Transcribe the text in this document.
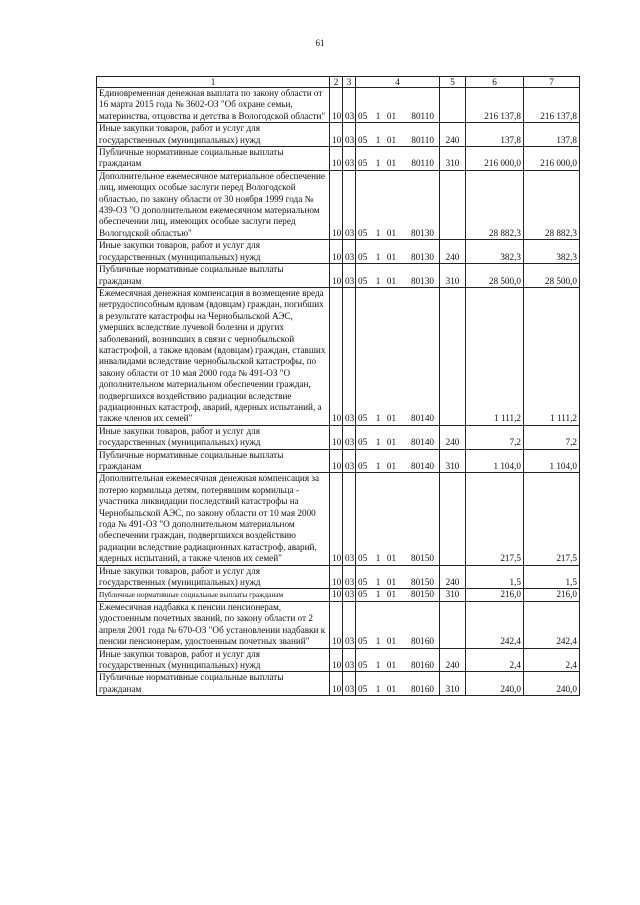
61
1	2	3	4	5	6	7
Единовременная денежная выплата по закону области от 16 марта 2015 года № 3602-ОЗ "Об охране семьи, материнства, отцовства и детства в Вологодской области"	10	03	05 1 01 80110		216 137,8	216 137,8
Иные закупки товаров, работ и услуг для государственных (муниципальных) нужд	10	03	05 1 01 80110	240	137,8	137,8
Публичные нормативные социальные выплаты гражданам	10	03	05 1 01 80110	310	216 000,0	216 000,0
Дополнительное ежемесячное материальное обеспечение лиц, имеющих особые заслуги перед Вологодской областью, по закону области от 30 ноября 1999 года № 439-ОЗ "О дополнительном ежемесячном материальном обеспечении лиц, имеющих особые заслуги перед Вологодской областью"	10	03	05 1 01 80130		28 882,3	28 882,3
Иные закупки товаров, работ и услуг для государственных (муниципальных) нужд	10	03	05 1 01 80130	240	382,3	382,3
Публичные нормативные социальные выплаты гражданам	10	03	05 1 01 80130	310	28 500,0	28 500,0
Ежемесячная денежная компенсация в возмещение вреда нетрудоспособным вдовам (вдовцам) граждан, погибших в результате катастрофы на Чернобыльской АЭС, умерших вследствие лучевой болезни и других заболеваний, возникших в связи с чернобыльской катастрофой, а также вдовам (вдовцам) граждан, ставших инвалидами вследствие чернобыльской катастрофы, по закону области от 10 мая 2000 года № 491-ОЗ "О дополнительном материальном обеспечении граждан, подвергшихся воздействию радиации вследствие радиационных катастроф, аварий, ядерных испытаний, а также членов их семей"	10	03	05 1 01 80140		1 111,2	1 111,2
Иные закупки товаров, работ и услуг для государственных (муниципальных) нужд	10	03	05 1 01 80140	240	7,2	7,2
Публичные нормативные социальные выплаты гражданам	10	03	05 1 01 80140	310	1 104,0	1 104,0
Дополнительная ежемесячная денежная компенсация за потерю кормильца детям, потерявшим кормильца - участника ликвидации последствий катастрофы на Чернобыльской АЭС, по закону области от 10 мая 2000 года № 491-ОЗ "О дополнительном материальном обеспечении граждан, подвергшихся воздействию радиации вследствие радиационных катастроф, аварий, ядерных испытаний, а также членов их семей"	10	03	05 1 01 80150		217,5	217,5
Иные закупки товаров, работ и услуг для государственных (муниципальных) нужд	10	03	05 1 01 80150	240	1,5	1,5
Публичные нормативные социальные выплаты гражданам	10	03	05 1 01 80150	310	216,0	216,0
Ежемесячная надбавка к пенсии пенсионерам, удостоенным почетных званий, по закону области от 2 апреля 2001 года № 670-ОЗ "Об установлении надбавки к пенсии пенсионерам, удостоенным почетных званий"	10	03	05 1 01 80160		242,4	242,4
Иные закупки товаров, работ и услуг для государственных (муниципальных) нужд	10	03	05 1 01 80160	240	2,4	2,4
Публичные нормативные социальные выплаты гражданам	10	03	05 1 01 80160	310	240,0	240,0
